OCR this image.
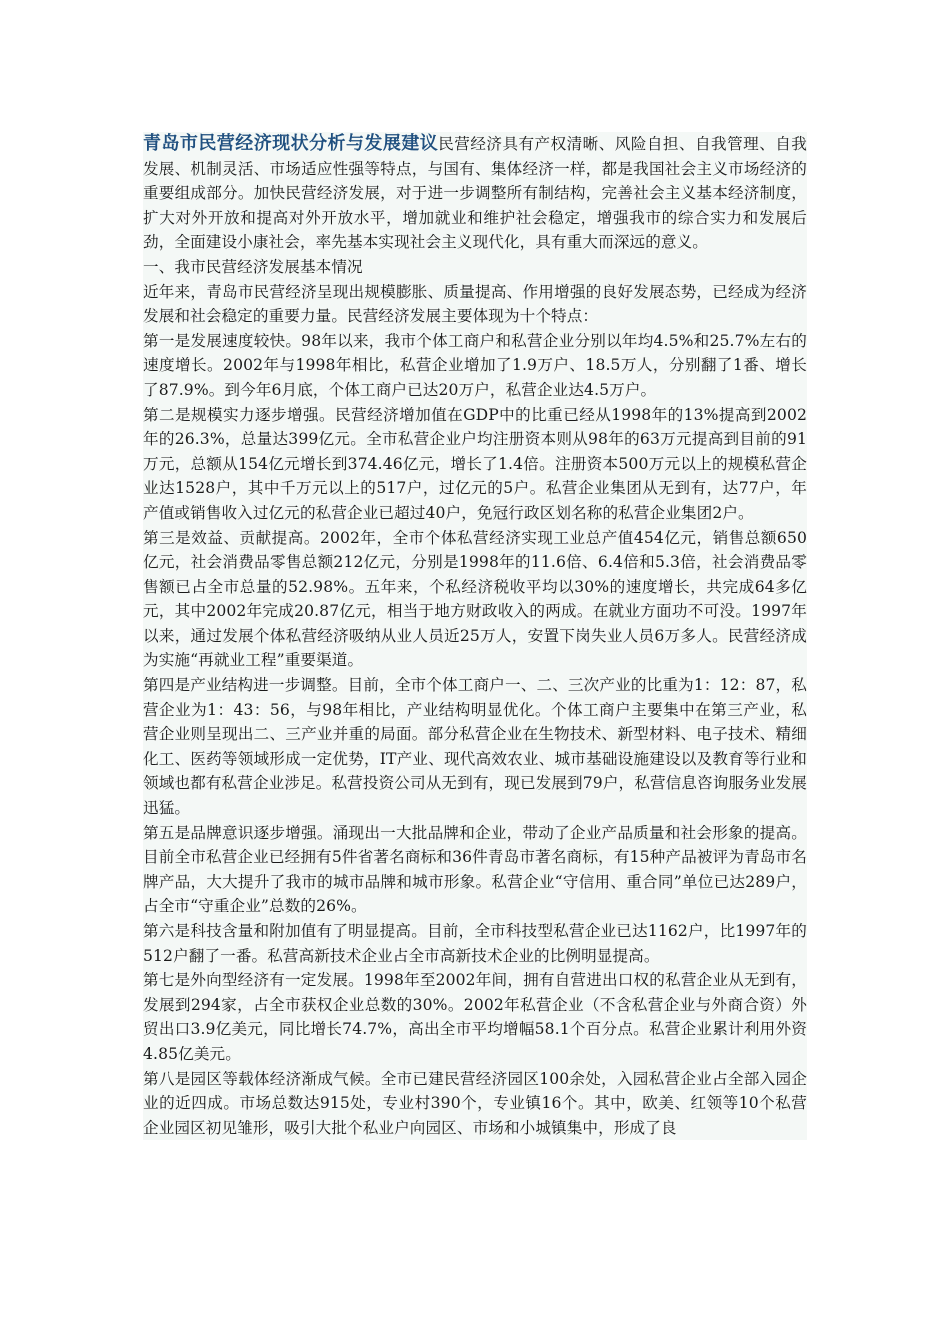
青岛市民营经济现状分析与发展建议民营经济具有产权清晰、风险自担、自我管理、自我发展、机制灵活、市场适应性强等特点，与国有、集体经济一样，都是我国社会主义市场经济的重要组成部分。加快民营经济发展，对于进一步调整所有制结构，完善社会主义基本经济制度，扩大对外开放和提高对外开放水平，增加就业和维护社会稳定，增强我市的综合实力和发展后劲，全面建设小康社会，率先基本实现社会主义现代化，具有重大而深远的意义。

一、我市民营经济发展基本情况

近年来，青岛市民营经济呈现出规模膨胀、质量提高、作用增强的良好发展态势，已经成为经济发展和社会稳定的重要力量。民营经济发展主要体现为十个特点：

第一是发展速度较快。98年以来，我市个体工商户和私营企业分别以年均4.5%和25.7%左右的速度增长。2002年与1998年相比，私营企业增加了1.9万户、18.5万人，分别翻了1番、增长了87.9%。到今年6月底，个体工商户已达20万户，私营企业达4.5万户。

第二是规模实力逐步增强。民营经济增加值在GDP中的比重已经从1998年的13%提高到2002年的26.3%，总量达399亿元。全市私营企业户均注册资本则从98年的63万元提高到目前的91万元，总额从154亿元增长到374.46亿元，增长了1.4倍。注册资本500万元以上的规模私营企业达1528户，其中千万元以上的517户，过亿元的5户。私营企业集团从无到有，达77户，年产值或销售收入过亿元的私营企业已超过40户，免冠行政区划名称的私营企业集团2户。

第三是效益、贡献提高。2002年，全市个体私营经济实现工业总产值454亿元，销售总额650亿元，社会消费品零售总额212亿元，分别是1998年的11.6倍、6.4倍和5.3倍，社会消费品零售额已占全市总量的52.98%。五年来，个私经济税收平均以30%的速度增长，共完成64多亿元，其中2002年完成20.87亿元，相当于地方财政收入的两成。在就业方面功不可没。1997年以来，通过发展个体私营经济吸纳从业人员近25万人，安置下岗失业人员6万多人。民营经济成为实施“再就业工程”重要渠道。

第四是产业结构进一步调整。目前，全市个体工商户一、二、三次产业的比重为1：12：87，私营企业为1：43：56，与98年相比，产业结构明显优化。个体工商户主要集中在第三产业，私营企业则呈现出二、三产业并重的局面。部分私营企业在生物技术、新型材料、电子技术、精细化工、医药等领域形成一定优势，IT产业、现代高效农业、城市基础设施建设以及教育等行业和领域也都有私营企业涉足。私营投资公司从无到有，现已发展到79户，私营信息咨询服务业发展迅猛。

第五是品牌意识逐步增强。涌现出一大批品牌和企业，带动了企业产品质量和社会形象的提高。目前全市私营企业已经拥有5件省著名商标和36件青岛市著名商标，有15种产品被评为青岛市名牌产品，大大提升了我市的城市品牌和城市形象。私营企业“守信用、重合同”单位已达289户，占全市“守重企业”总数的26%。

第六是科技含量和附加值有了明显提高。目前，全市科技型私营企业已达1162户，比1997年的512户翻了一番。私营高新技术企业占全市高新技术企业的比例明显提高。

第七是外向型经济有一定发展。1998年至2002年间，拥有自营进出口权的私营企业从无到有，发展到294家，占全市获权企业总数的30%。2002年私营企业（不含私营企业与外商合资）外贸出口3.9亿美元，同比增长74.7%，高出全市平均增幅58.1个百分点。私营企业累计利用外资4.85亿美元。

第八是园区等载体经济渐成气候。全市已建民营经济园区100余处，入园私营企业占全部入园企业的近四成。市场总数达915处，专业村390个，专业镇16个。其中，欧美、红领等10个私营企业园区初见雏形，吸引大批个私业户向园区、市场和小城镇集中，形成了良
